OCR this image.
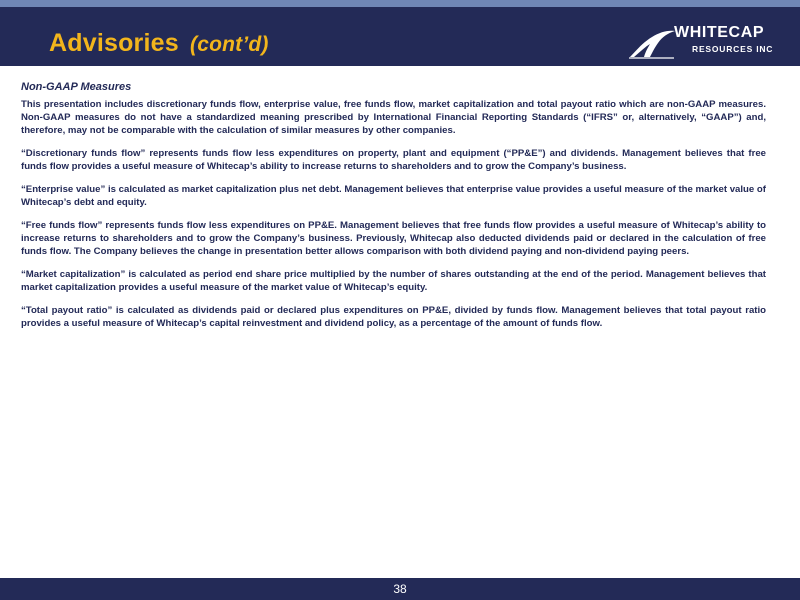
Advisories (cont’d)
WHITECAP
RESOURCES INC
Non-GAAP Measures

This presentation includes discretionary funds flow, enterprise value, free funds flow, market capitalization and total payout ratio which are non-GAAP measures. Non-GAAP measures do not have a standardized meaning prescribed by International Financial Reporting Standards (“IFRS” or, alternatively, “GAAP”) and, therefore, may not be comparable with the calculation of similar measures by other companies.

“Discretionary funds flow” represents funds flow less expenditures on property, plant and equipment (“PP&E”) and dividends. Management believes that free funds flow provides a useful measure of Whitecap’s ability to increase returns to shareholders and to grow the Company’s business.

“Enterprise value” is calculated as market capitalization plus net debt. Management believes that enterprise value provides a useful measure of the market value of Whitecap’s debt and equity.

“Free funds flow” represents funds flow less expenditures on PP&E. Management believes that free funds flow provides a useful measure of Whitecap’s ability to increase returns to shareholders and to grow the Company’s business. Previously, Whitecap also deducted dividends paid or declared in the calculation of free funds flow. The Company believes the change in presentation better allows comparison with both dividend paying and non-dividend paying peers.

“Market capitalization” is calculated as period end share price multiplied by the number of shares outstanding at the end of the period. Management believes that market capitalization provides a useful measure of the market value of Whitecap’s equity.

“Total payout ratio” is calculated as dividends paid or declared plus expenditures on PP&E, divided by funds flow. Management believes that total payout ratio provides a useful measure of Whitecap’s capital reinvestment and dividend policy, as a percentage of the amount of funds flow.

38
